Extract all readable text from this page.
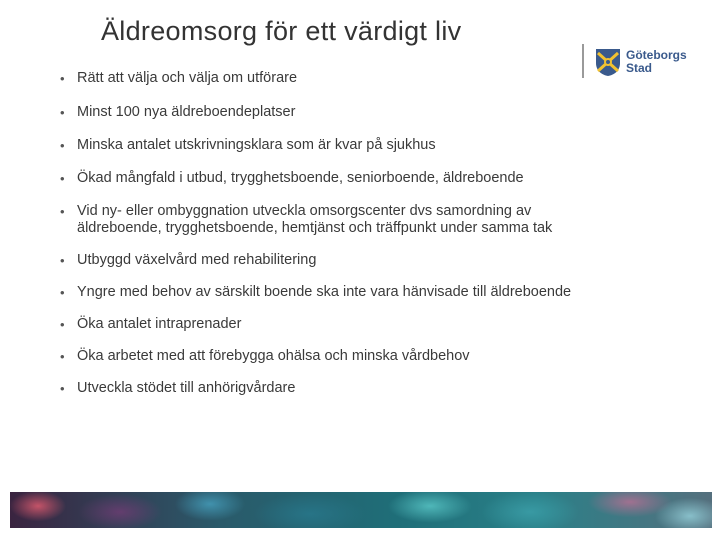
Äldreomsorg för ett värdigt liv
Göteborgs
Stad
• Rätt att välja och välja om utförare
• Minst 100 nya äldreboendeplatser
• Minska antalet utskrivningsklara som är kvar på sjukhus
• Ökad mångfald i utbud, trygghetsboende, seniorboende, äldreboende
• Vid ny- eller ombyggnation utveckla omsorgscenter dvs samordning av äldreboende, trygghetsboende, hemtjänst och träffpunkt under samma tak
• Utbyggd växelvård med rehabilitering
• Yngre med behov av särskilt boende ska inte vara hänvisade till äldreboende
• Öka antalet intraprenader
• Öka arbetet med att förebygga ohälsa och minska vårdbehov
• Utveckla stödet till anhörigvårdare
